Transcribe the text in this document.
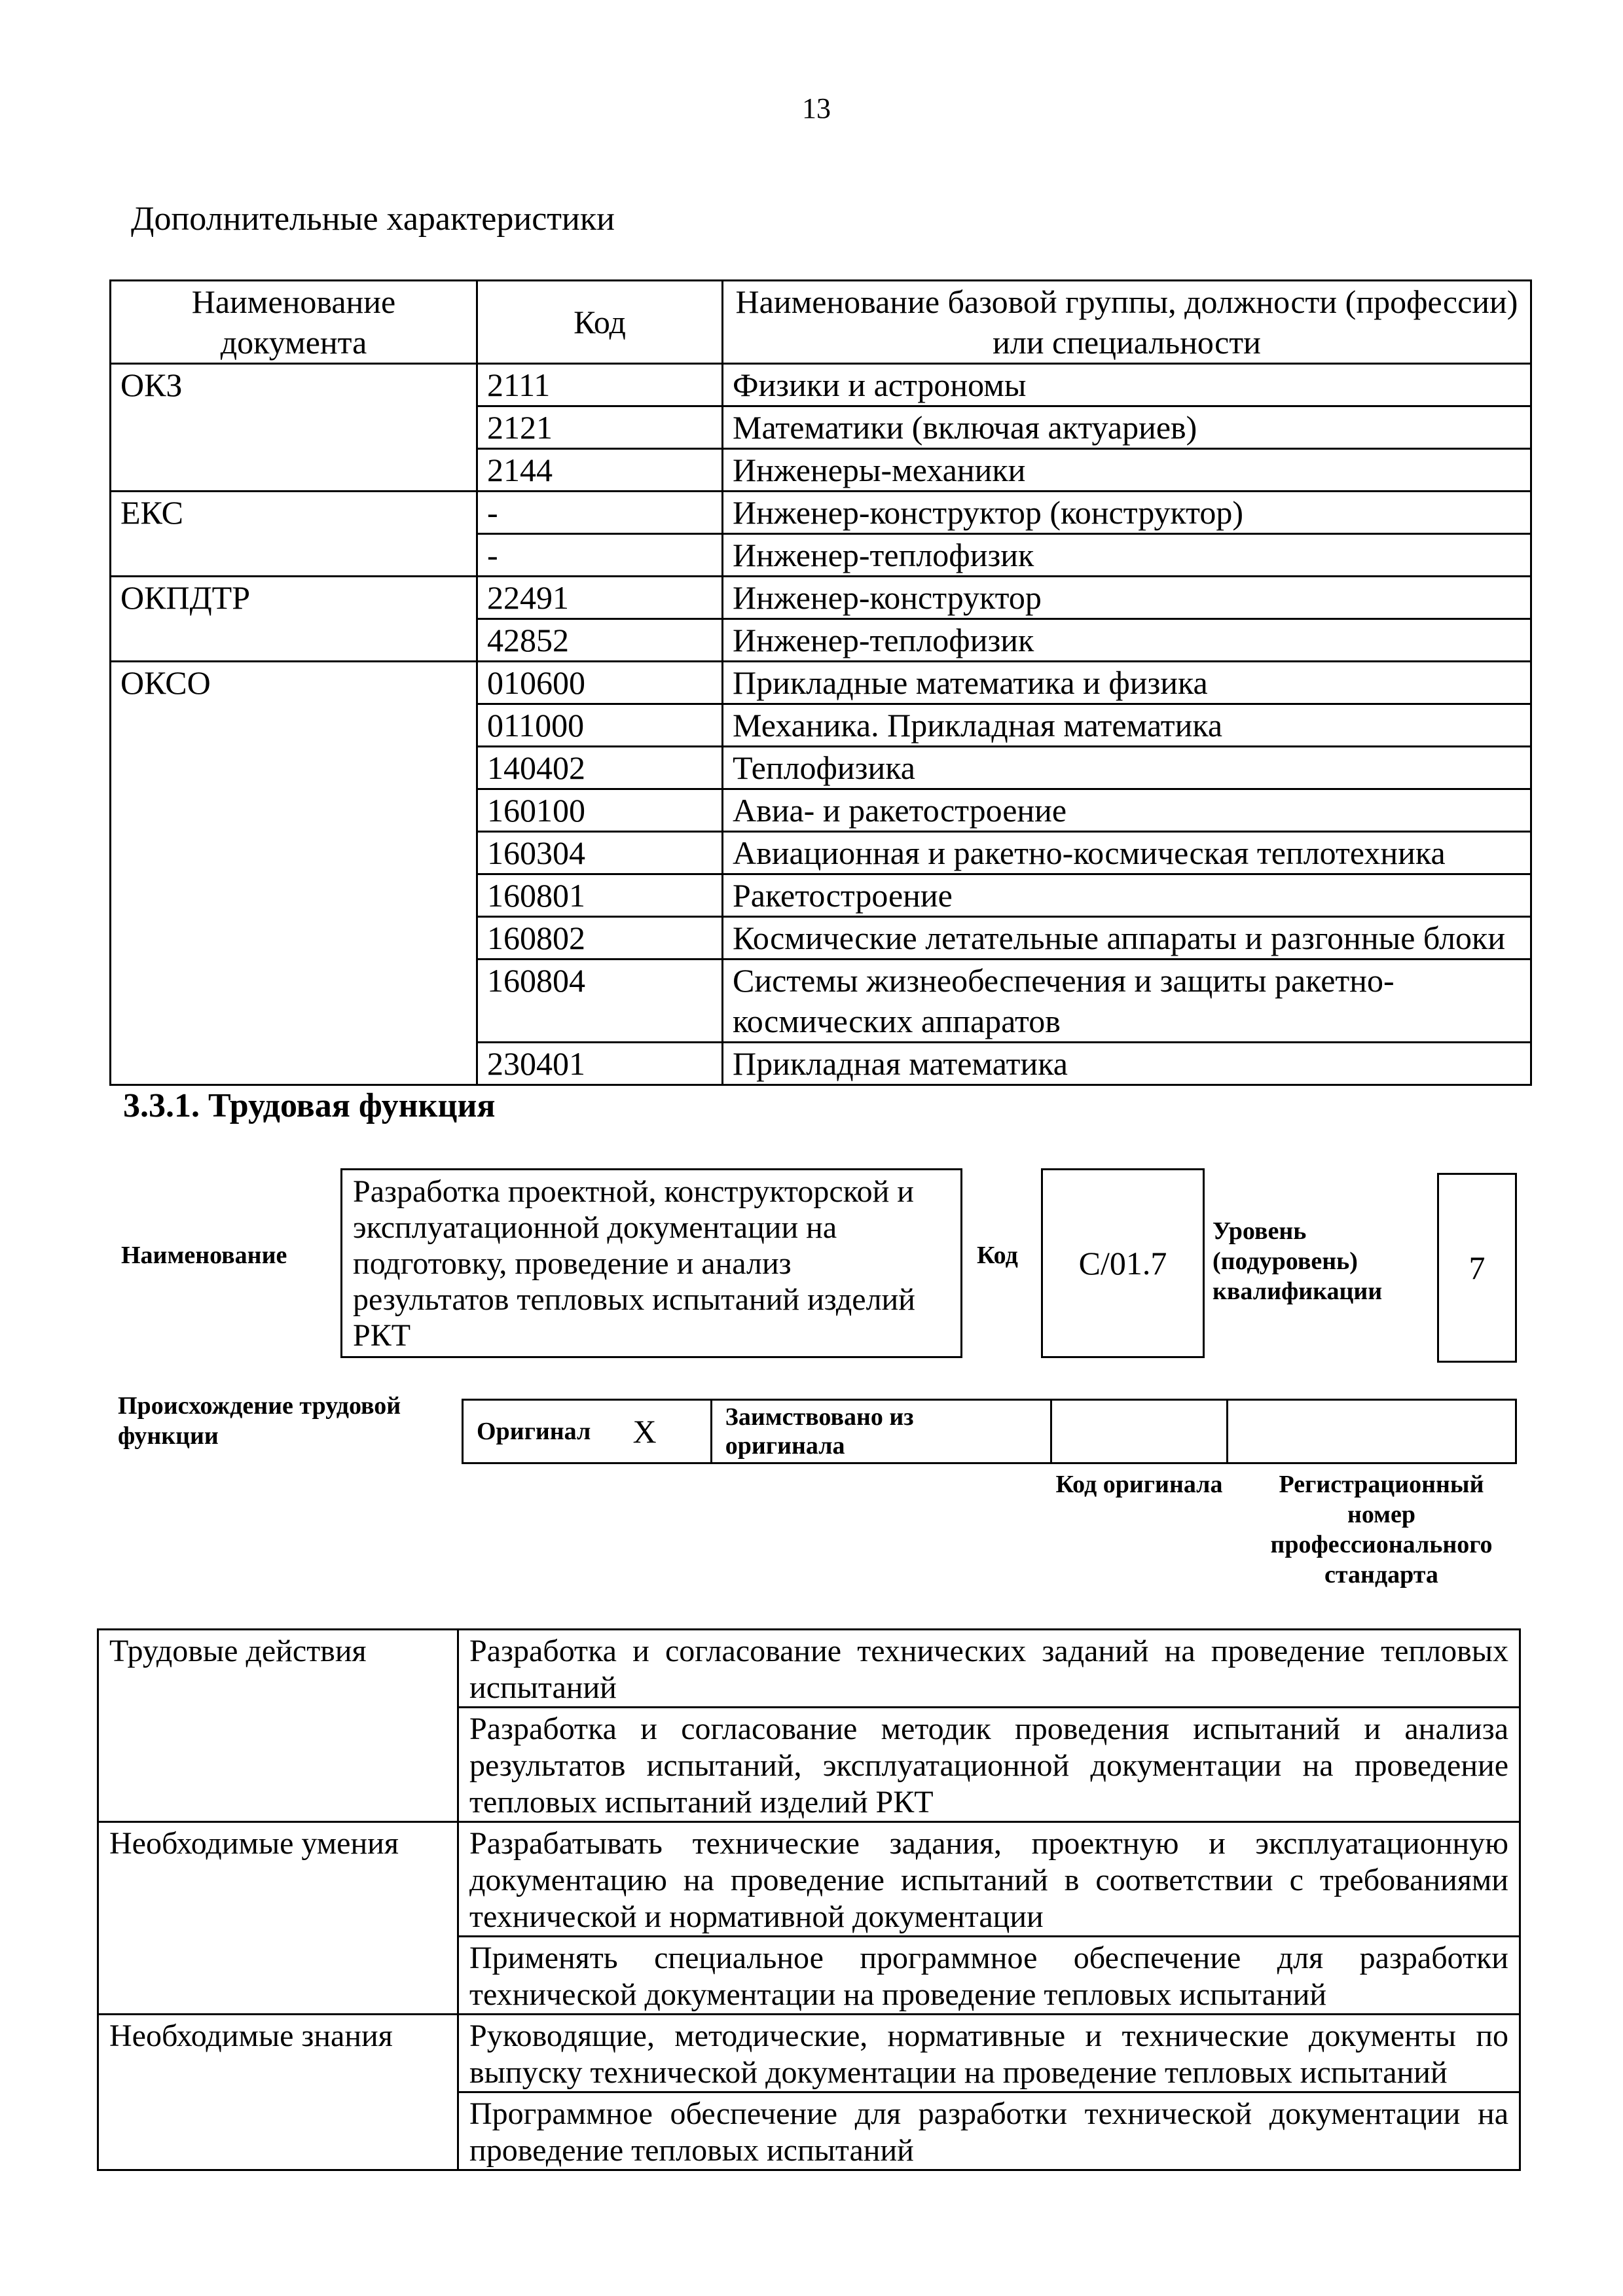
13
Дополнительные характеристики
Наименование документа	Код	Наименование базовой группы, должности (профессии) или специальности
ОКЗ	2111	Физики и астрономы
	2121	Математики (включая актуариев)
	2144	Инженеры-механики
ЕКС	-	Инженер-конструктор (конструктор)
	-	Инженер-теплофизик
ОКПДТР	22491	Инженер-конструктор
	42852	Инженер-теплофизик
ОКСО	010600	Прикладные математика и физика
	011000	Механика. Прикладная математика
	140402	Теплофизика
	160100	Авиа- и ракетостроение
	160304	Авиационная и ракетно-космическая теплотехника
	160801	Ракетостроение
	160802	Космические летательные аппараты и разгонные блоки
	160804	Системы жизнеобеспечения и защиты ракетно-космических аппаратов
	230401	Прикладная математика
3.3.1. Трудовая функция
Наименование
Разработка проектной, конструкторской и эксплуатационной документации на подготовку, проведение и анализ результатов тепловых испытаний изделий РКТ
Код	С/01.7
Уровень (подуровень) квалификации
7
Происхождение трудовой функции	Оригинал	X	Заимствовано из оригинала		
Код оригинала	Регистрационный номер профессионального стандарта
Трудовые действия	Разработка и согласование технических заданий на проведение тепловых испытаний
	Разработка и согласование методик проведения испытаний и анализа результатов испытаний, эксплуатационной документации на проведение тепловых испытаний изделий РКТ
Необходимые умения	Разрабатывать технические задания, проектную и эксплуатационную документацию на проведение испытаний в соответствии с требованиями технической и нормативной документации
	Применять специальное программное обеспечение для разработки технической документации на проведение тепловых испытаний
Необходимые знания	Руководящие, методические, нормативные и технические документы по выпуску технической документации на проведение тепловых испытаний
	Программное обеспечение для разработки технической документации на проведение тепловых испытаний
